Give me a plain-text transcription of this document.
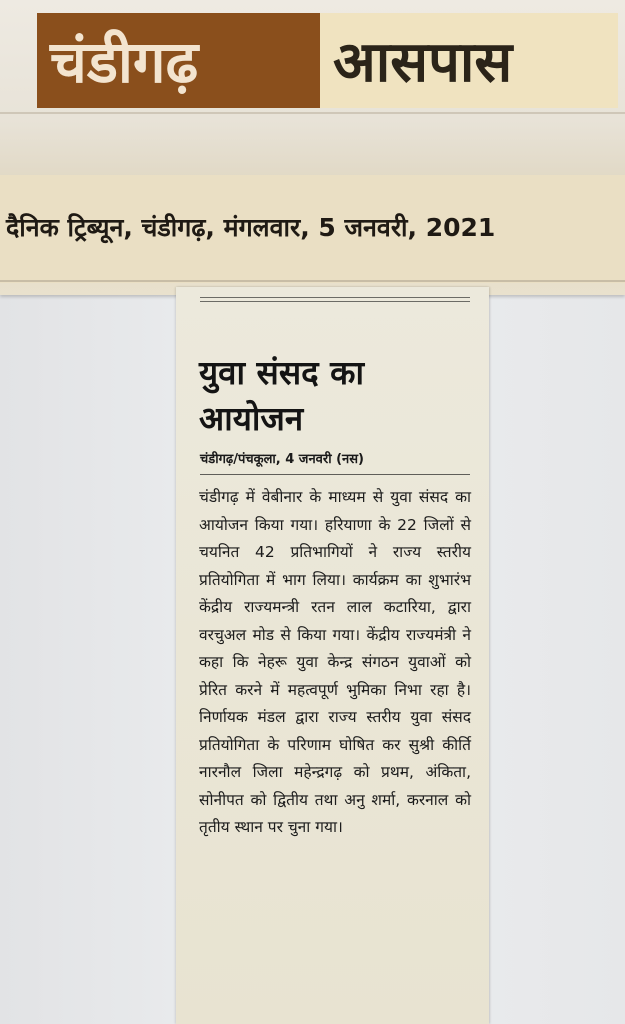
चंडीगढ़ आसपास
दैनिक ट्रिब्यून, चंडीगढ़, मंगलवार, 5 जनवरी, 2021
युवा संसद का आयोजन
चंडीगढ़/पंचकूला, 4 जनवरी (नस)

चंडीगढ़ में वेबीनार के माध्यम से युवा संसद का आयोजन किया गया। हरियाणा के 22 जिलों से चयनित 42 प्रतिभागियों ने राज्य स्तरीय प्रतियोगिता में भाग लिया। कार्यक्रम का शुभारंभ केंद्रीय राज्यमन्त्री रतन लाल कटारिया, द्वारा वरचुअल मोड से किया गया। केंद्रीय राज्यमंत्री ने कहा कि नेहरू युवा केन्द्र संगठन युवाओं को प्रेरित करने में महत्वपूर्ण भुमिका निभा रहा है। निर्णायक मंडल द्वारा राज्य स्तरीय युवा संसद प्रतियोगिता के परिणाम घोषित कर सुश्री कीर्ति नारनौल जिला महेन्द्रगढ़ को प्रथम, अंकिता, सोनीपत को द्वितीय तथा अनु शर्मा, करनाल को तृतीय स्थान पर चुना गया।
